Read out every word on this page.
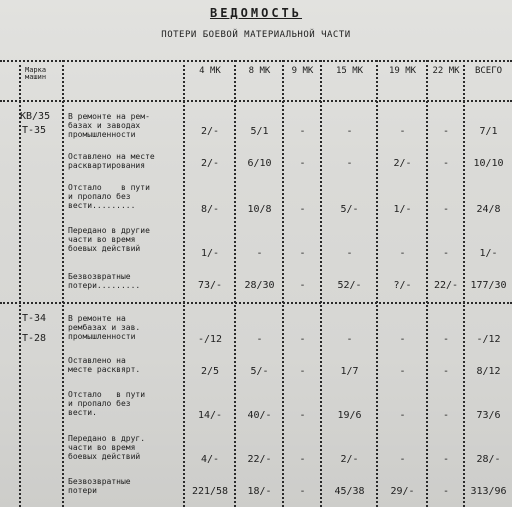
ВЕДОМОСТЬ
ПОТЕРИ БОЕВОЙ МАТЕРИАЛЬНОЙ ЧАСТИ
Марка
машин
4 МК	8 МК	9 МК	15 МК	19 МК	22 МК	ВСЕГО
КВ/35
Т-35
В ремонте на рем-
базах и заводах
промышленности	2/-	5/1	-	-	-	-	7/1
Оставлено на месте
расквартирования	2/-	6/10	-	-	2/-	-	10/10
Отстало    в пути
и пропало без
вести.........	8/-	10/8	-	5/-	1/-	-	24/8
Передано в другие
части во время
боевых действий	1/-	-	-	-	-	-	1/-
Безвозвратные
потери.........	73/-	28/30	-	52/-	?/-	22/-	177/30
Т-34
Т-28
В ремонте на
рембазах и зав.
промышленности	-/12	-	-	-	-	-	-/12
Оставлено на
месте расквярт.	2/5	5/-	-	1/7	-	-	8/12
Отстало   в пути
и пропало без
вести.	14/-	40/-	-	19/6	-	-	73/6
Передано в друг.
части во время
боевых действий	4/-	22/-	-	2/-	-	-	28/-
Безвозвратные
потери	221/58	18/-	-	45/38	29/-	-	313/96
